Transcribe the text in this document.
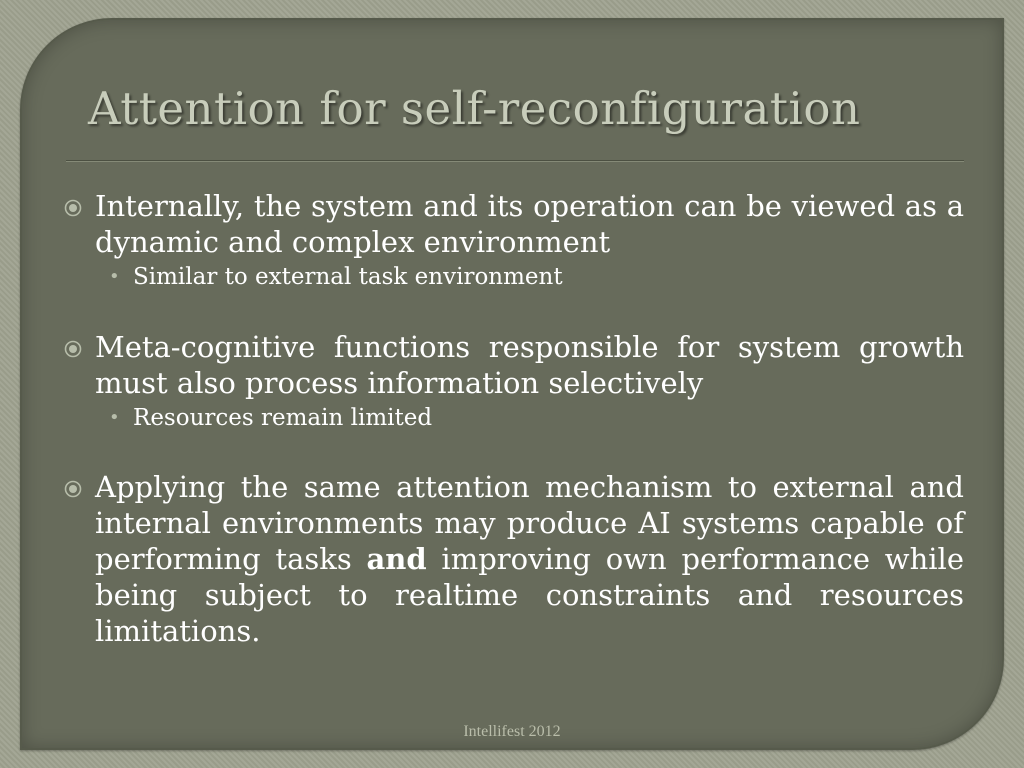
Attention for self-reconfiguration
Internally, the system and its operation can be viewed as a dynamic and complex environment
• Similar to external task environment
Meta-cognitive functions responsible for system growth must also process information selectively
• Resources remain limited
Applying the same attention mechanism to external and internal environments may produce AI systems capable of performing tasks and improving own performance while being subject to realtime constraints and resources limitations.
Intellifest 2012
